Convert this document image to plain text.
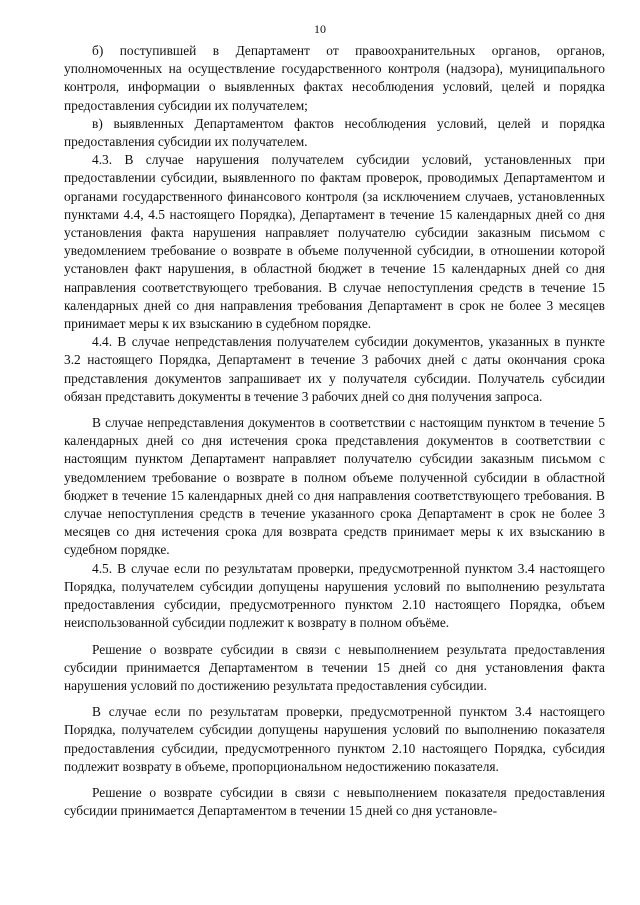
10

б) поступившей в Департамент от правоохранительных органов, органов, уполномоченных на осуществление государственного контроля (надзора), муниципального контроля, информации о выявленных фактах несоблюдения условий, целей и порядка предоставления субсидии их получателем;

в) выявленных Департаментом фактов несоблюдения условий, целей и порядка предоставления субсидии их получателем.

4.3. В случае нарушения получателем субсидии условий, установленных при предоставлении субсидии, выявленного по фактам проверок, проводимых Департаментом и органами государственного финансового контроля (за исключением случаев, установленных пунктами 4.4, 4.5 настоящего Порядка), Департамент в течение 15 календарных дней со дня установления факта нарушения направляет получателю субсидии заказным письмом с уведомлением требование о возврате в объеме полученной субсидии, в отношении которой установлен факт нарушения, в областной бюджет в течение 15 календарных дней со дня направления соответствующего требования. В случае непоступления средств в течение 15 календарных дней со дня направления требования Департамент в срок не более 3 месяцев принимает меры к их взысканию в судебном порядке.

4.4. В случае непредставления получателем субсидии документов, указанных в пункте 3.2 настоящего Порядка, Департамент в течение 3 рабочих дней с даты окончания срока представления документов запрашивает их у получателя субсидии. Получатель субсидии обязан представить документы в течение 3 рабочих дней со дня получения запроса.

В случае непредставления документов в соответствии с настоящим пунктом в течение 5 календарных дней со дня истечения срока представления документов в соответствии с настоящим пунктом Департамент направляет получателю субсидии заказным письмом с уведомлением требование о возврате в полном объеме полученной субсидии в областной бюджет в течение 15 календарных дней со дня направления соответствующего требования. В случае непоступления средств в течение указанного срока Департамент в срок не более 3 месяцев со дня истечения срока для возврата средств принимает меры к их взысканию в судебном порядке.

4.5. В случае если по результатам проверки, предусмотренной пунктом 3.4 настоящего Порядка, получателем субсидии допущены нарушения условий по выполнению результата предоставления субсидии, предусмотренного пунктом 2.10 настоящего Порядка, объем неиспользованной субсидии подлежит к возврату в полном объёме.

Решение о возврате субсидии в связи с невыполнением результата предоставления субсидии принимается Департаментом в течении 15 дней со дня установления факта нарушения условий по достижению результата предоставления субсидии.

В случае если по результатам проверки, предусмотренной пунктом 3.4 настоящего Порядка, получателем субсидии допущены нарушения условий по выполнению показателя предоставления субсидии, предусмотренного пунктом 2.10 настоящего Порядка, субсидия подлежит возврату в объеме, пропорциональном недостижению показателя.

Решение о возврате субсидии в связи с невыполнением показателя предоставления субсидии принимается Департаментом в течении 15 дней со дня установле-
